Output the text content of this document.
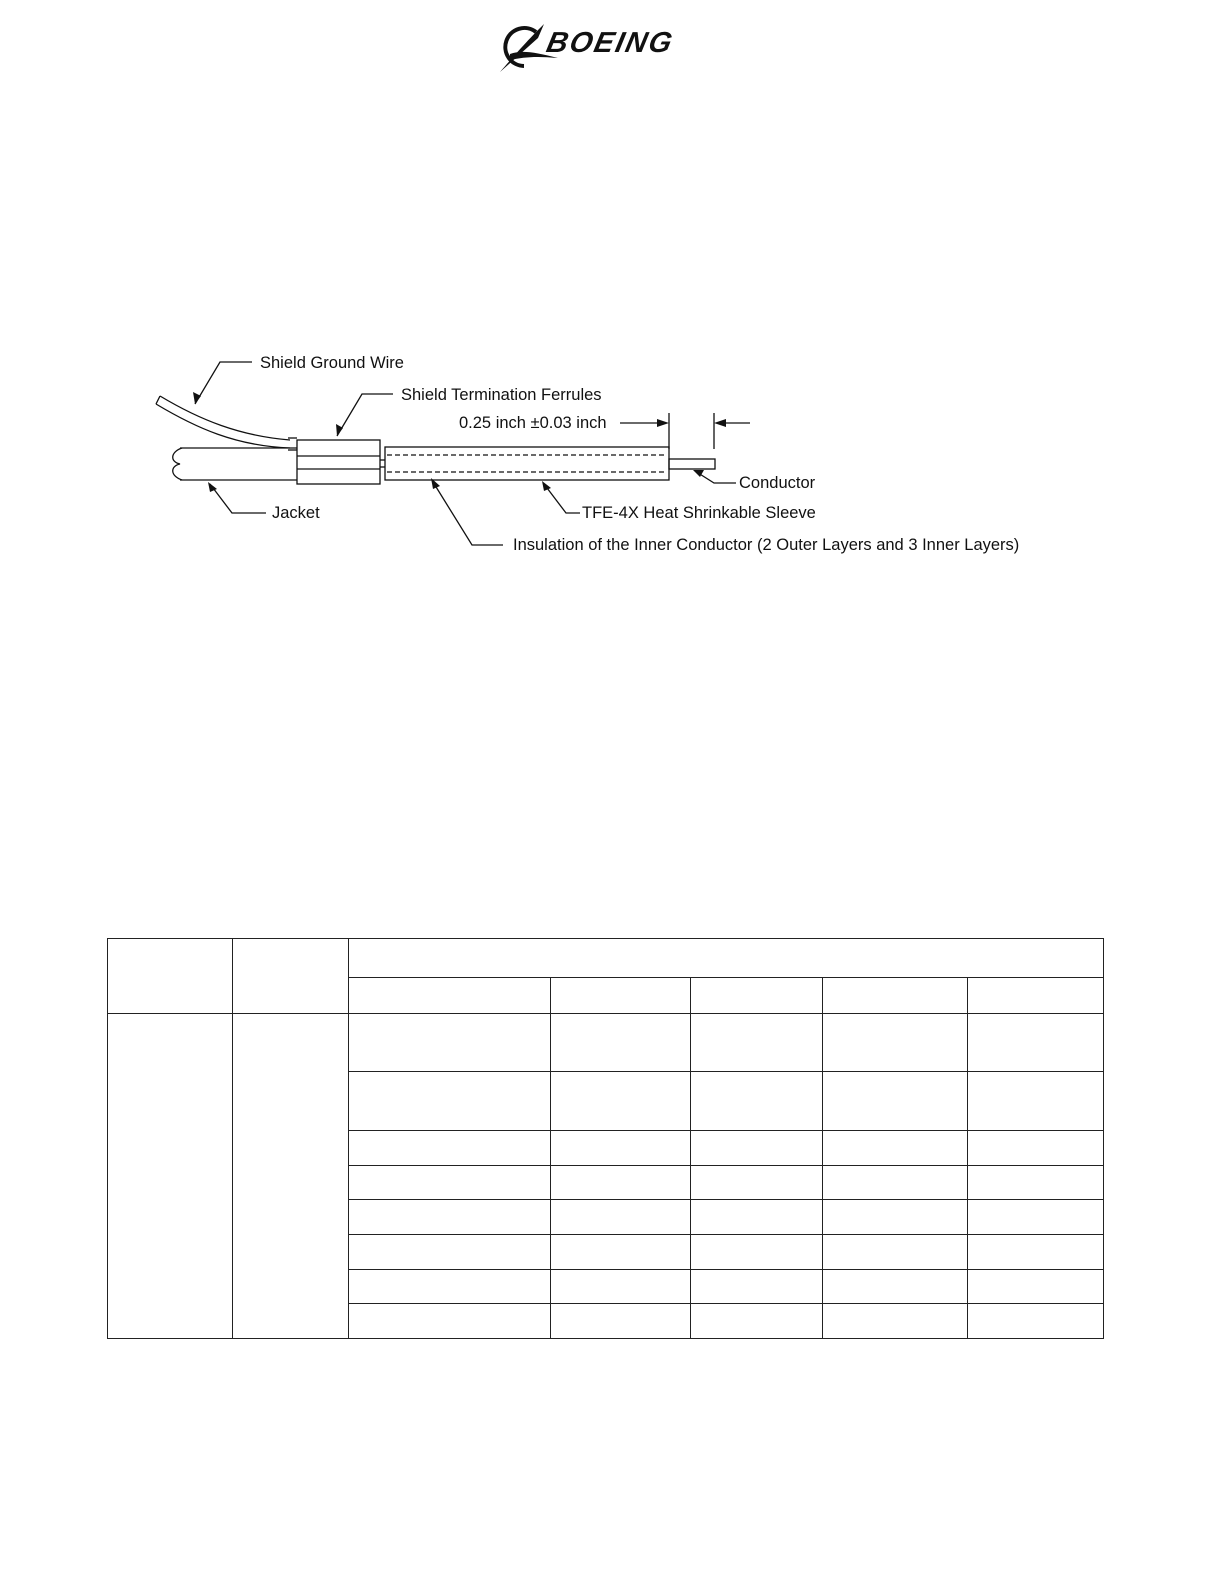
BOEING
Shield Ground Wire
Shield Termination Ferrules
0.25 inch ±0.03 inch
Conductor
Jacket	TFE-4X Heat Shrinkable Sleeve
Insulation of the Inner Conductor (2 Outer Layers and 3 Inner Layers)
